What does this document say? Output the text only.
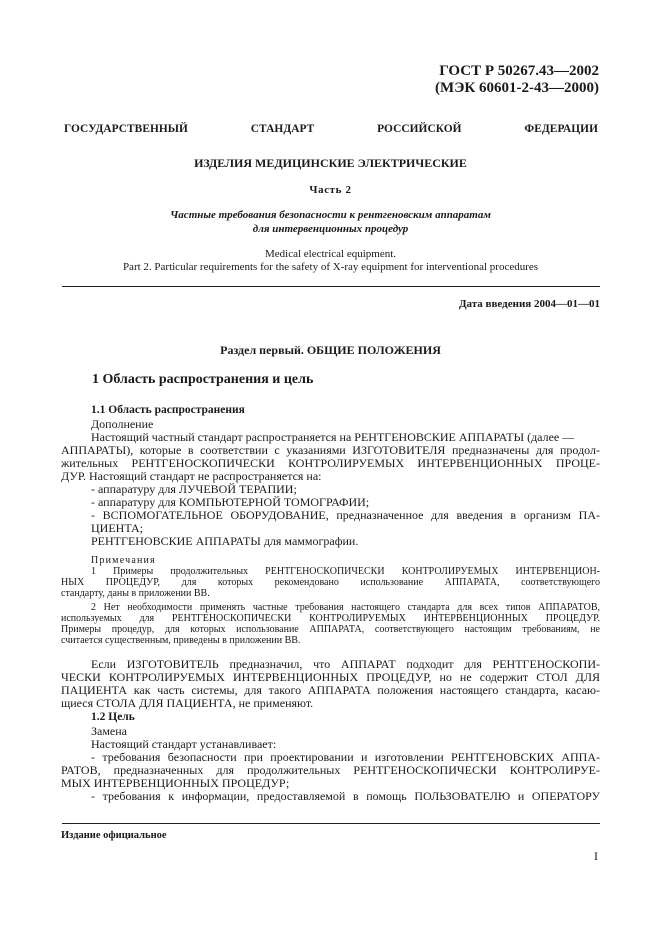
ГОСТ Р 50267.43—2002
(МЭК 60601-2-43—2000)
ГОСУДАРСТВЕННЫЙ СТАНДАРТ РОССИЙСКОЙ ФЕДЕРАЦИИ
ИЗДЕЛИЯ МЕДИЦИНСКИЕ ЭЛЕКТРИЧЕСКИЕ
Часть 2
Частные требования безопасности к рентгеновским аппаратам
для интервенционных процедур
Medical electrical equipment.
Part 2. Particular requirements for the safety of X-ray equipment for interventional procedures
Дата введения 2004—01—01
Раздел первый. ОБЩИЕ ПОЛОЖЕНИЯ
1 Область распространения и цель
1.1 Область распространения
Дополнение
Настоящий частный стандарт распространяется на РЕНТГЕНОВСКИЕ АППАРАТЫ (далее —
АППАРАТЫ), которые в соответствии с указаниями ИЗГОТОВИТЕЛЯ предназначены для продол-
жительных РЕНТГЕНОСКОПИЧЕСКИ КОНТРОЛИРУЕМЫХ ИНТЕРВЕНЦИОННЫХ ПРОЦЕ-
ДУР. Настоящий стандарт не распространяется на:
- аппаратуру для ЛУЧЕВОЙ ТЕРАПИИ;
- аппаратуру для КОМПЬЮТЕРНОЙ ТОМОГРАФИИ;
- ВСПОМОГАТЕЛЬНОЕ ОБОРУДОВАНИЕ, предназначенное для введения в организм ПА-
ЦИЕНТА;
РЕНТГЕНОВСКИЕ АППАРАТЫ для маммографии.
Примечания
1 Примеры продолжительных РЕНТГЕНОСКОПИЧЕСКИ КОНТРОЛИРУЕМЫХ ИНТЕРВЕНЦИОН-
НЫХ ПРОЦЕДУР, для которых рекомендовано использование АППАРАТА, соответствующего
стандарту, даны в приложении ВВ.
2 Нет необходимости применять частные требования настоящего стандарта для всех типов АППАРАТОВ,
используемых для РЕНТГЕНОСКОПИЧЕСКИ КОНТРОЛИРУЕМЫХ ИНТЕРВЕНЦИОННЫХ ПРОЦЕДУР.
Примеры процедур, для которых использование АППАРАТА, соответствующего настоящим требованиям, не
считается существенным, приведены в приложении ВВ.
Если ИЗГОТОВИТЕЛЬ предназначил, что АППАРАТ подходит для РЕНТГЕНОСКОПИ-
ЧЕСКИ КОНТРОЛИРУЕМЫХ ИНТЕРВЕНЦИОННЫХ ПРОЦЕДУР, но не содержит СТОЛ ДЛЯ
ПАЦИЕНТА как часть системы, для такого АППАРАТА положения настоящего стандарта, касаю-
щиеся СТОЛА ДЛЯ ПАЦИЕНТА, не применяют.
1.2 Цель
Замена
Настоящий стандарт устанавливает:
- требования безопасности при проектировании и изготовлении РЕНТГЕНОВСКИХ АППА-
РАТОВ, предназначенных для продолжительных РЕНТГЕНОСКОПИЧЕСКИ КОНТРОЛИРУЕ-
МЫХ ИНТЕРВЕНЦИОННЫХ ПРОЦЕДУР;
- требования к информации, предоставляемой в помощь ПОЛЬЗОВАТЕЛЮ и ОПЕРАТОРУ
Издание официальное
I
